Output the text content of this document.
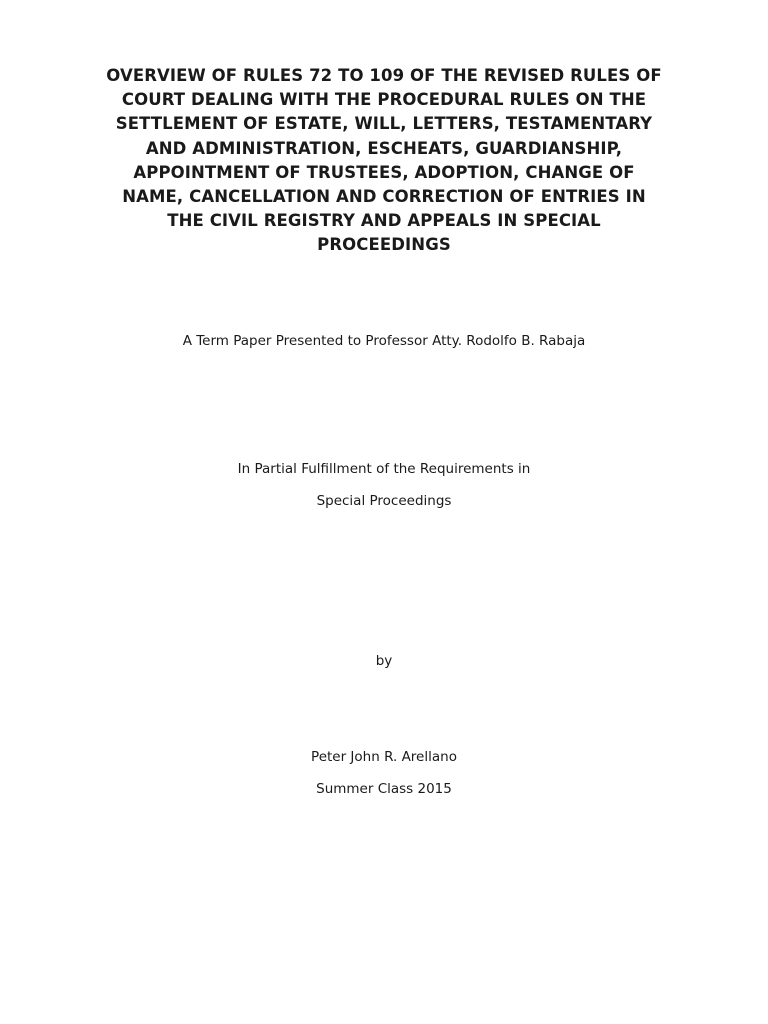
OVERVIEW OF RULES 72 TO 109 OF THE REVISED RULES OF
COURT DEALING WITH THE PROCEDURAL RULES ON THE
SETTLEMENT OF ESTATE, WILL, LETTERS, TESTAMENTARY
AND ADMINISTRATION, ESCHEATS, GUARDIANSHIP,
APPOINTMENT OF TRUSTEES, ADOPTION, CHANGE OF
NAME, CANCELLATION AND CORRECTION OF ENTRIES IN
THE CIVIL REGISTRY AND APPEALS IN SPECIAL
PROCEEDINGS
A Term Paper Presented to Professor Atty. Rodolfo B. Rabaja
In Partial Fulfillment of the Requirements in
Special Proceedings
by
Peter John R. Arellano
Summer Class 2015
